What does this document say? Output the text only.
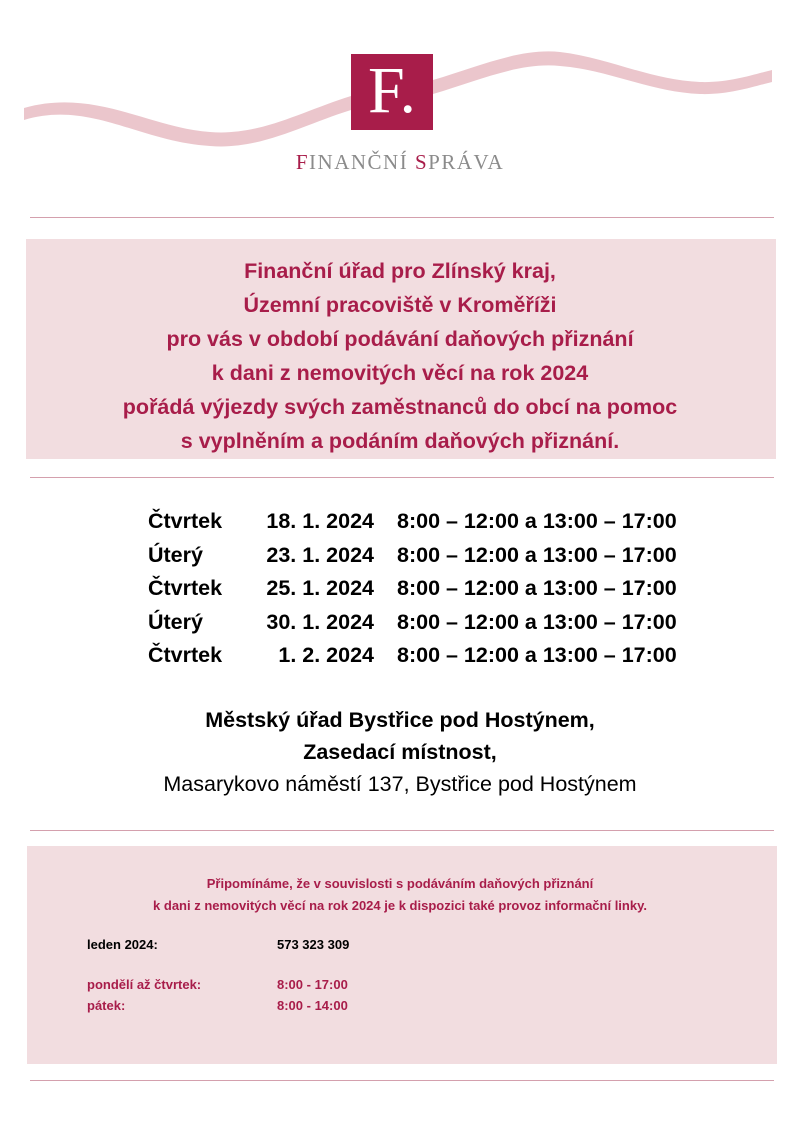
F.
FINANČNÍ SPRÁVA
Finanční úřad pro Zlínský kraj,
Územní pracoviště v Kroměříži
pro vás v období podávání daňových přiznání
k dani z nemovitých věcí na rok 2024
pořádá výjezdy svých zaměstnanců do obcí na pomoc
s vyplněním a podáním daňových přiznání.
Čtvrtek	18. 1. 2024 8:00 – 12:00 a 13:00 – 17:00
Úterý	23. 1. 2024 8:00 – 12:00 a 13:00 – 17:00
Čtvrtek	25. 1. 2024 8:00 – 12:00 a 13:00 – 17:00
Úterý	30. 1. 2024 8:00 – 12:00 a 13:00 – 17:00
Čtvrtek	1. 2. 2024 8:00 – 12:00 a 13:00 – 17:00
Městský úřad Bystřice pod Hostýnem,
Zasedací místnost,
Masarykovo náměstí 137, Bystřice pod Hostýnem
Připomínáme, že v souvislosti s podáváním daňových přiznání
k dani z nemovitých věcí na rok 2024 je k dispozici také provoz informační linky.
leden 2024:	573 323 309
pondělí až čtvrtek:	8:00 - 17:00
pátek:	8:00 - 14:00
